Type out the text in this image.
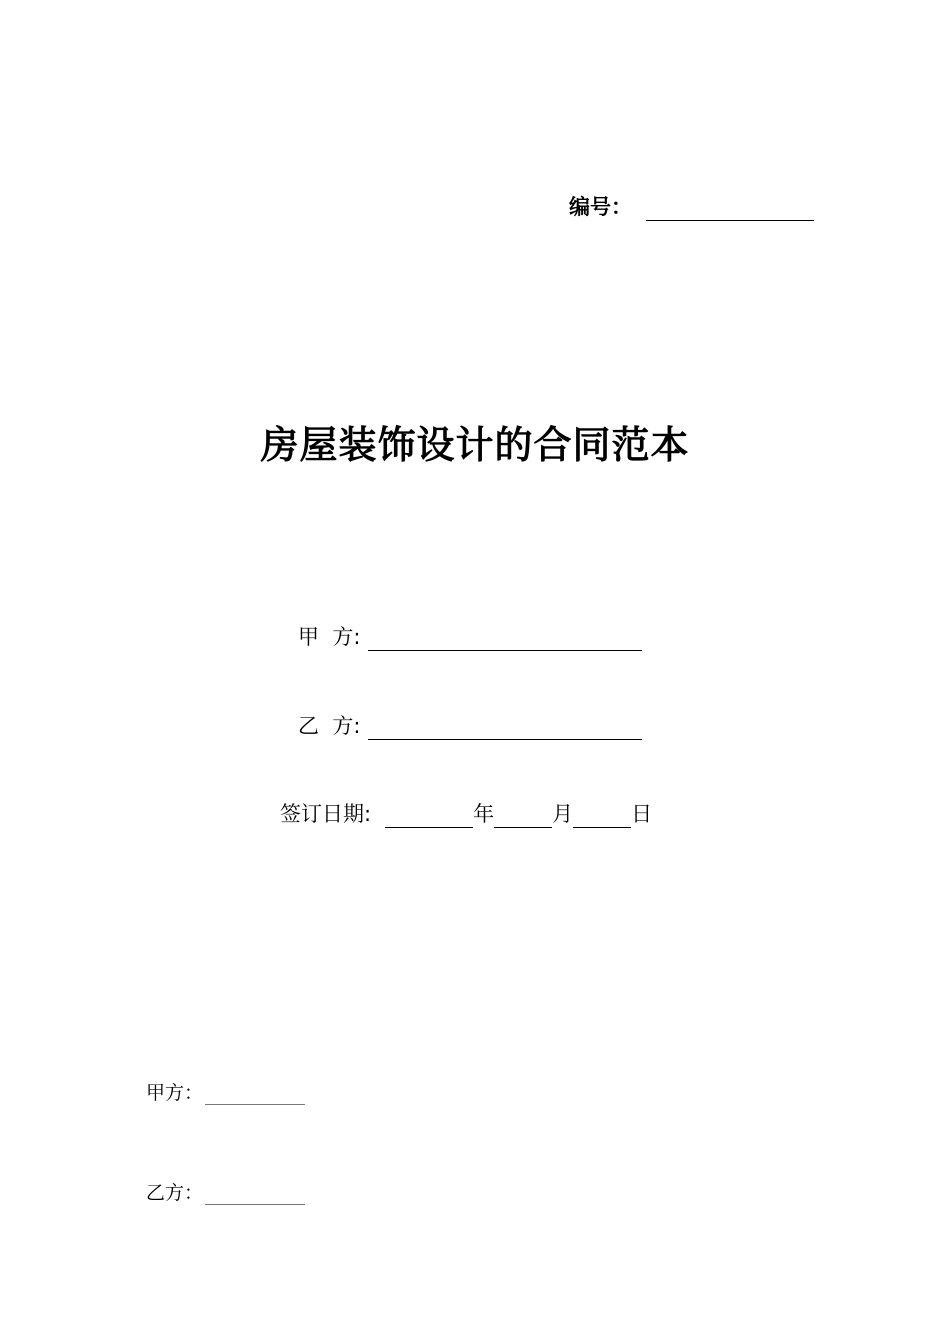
编号：
房屋装饰设计的合同范本
甲  方:
乙  方:
签订日期:	年	月	日
甲方：
乙方：
